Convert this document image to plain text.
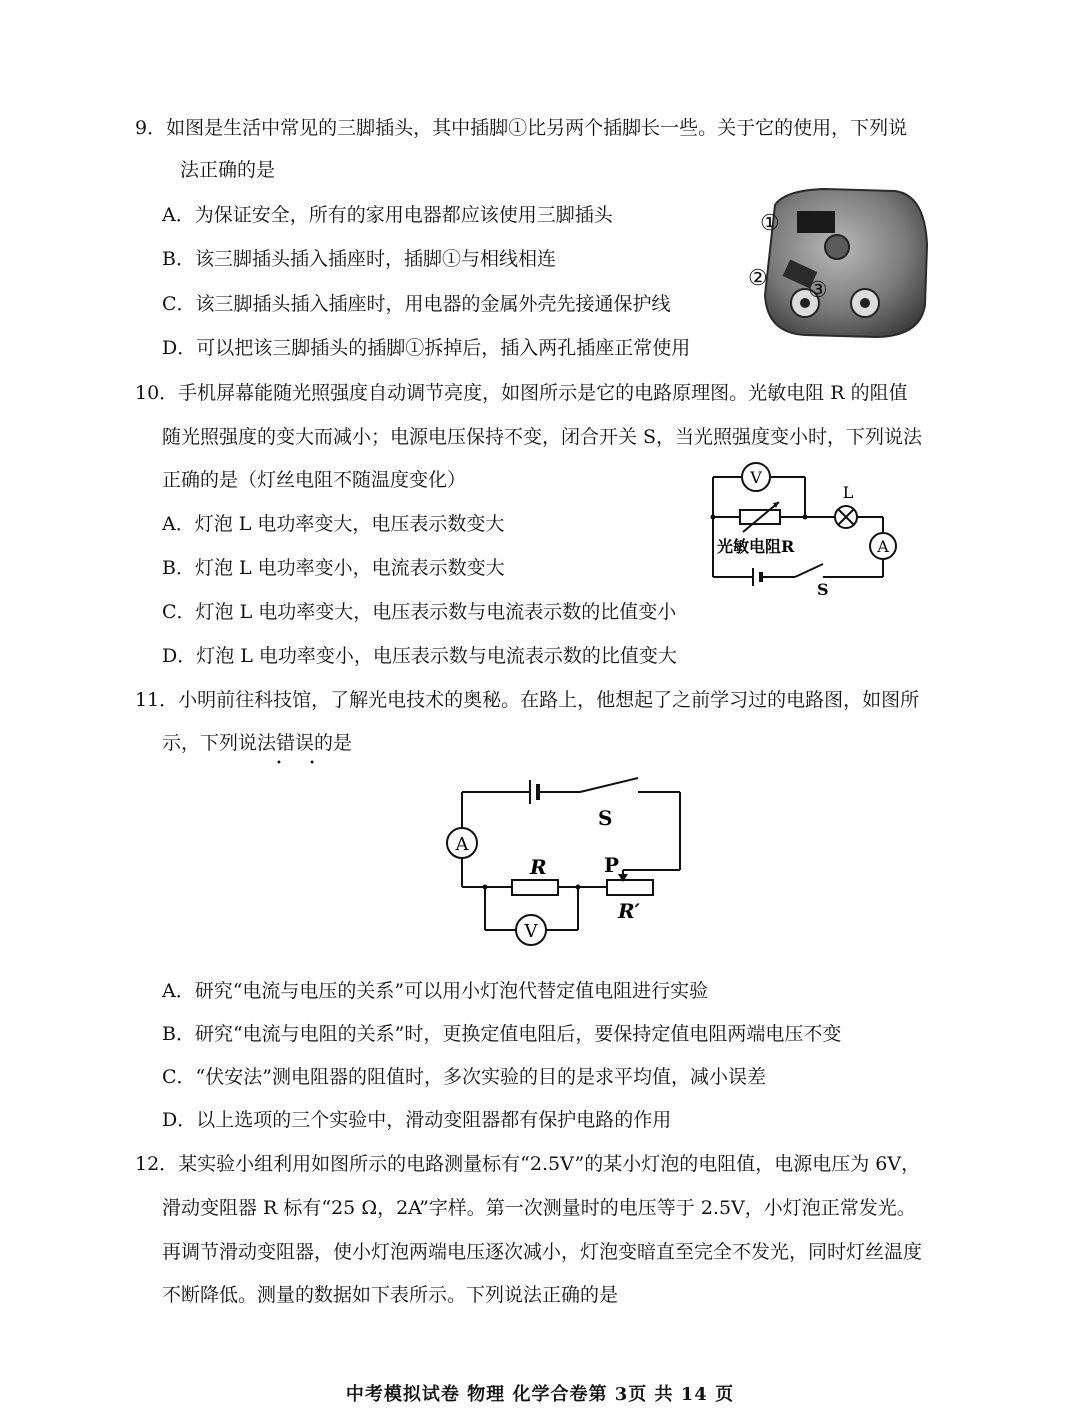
9．如图是生活中常见的三脚插头，其中插脚①比另两个插脚长一些。关于它的使用，下列说
法正确的是
A．为保证安全，所有的家用电器都应该使用三脚插头
B．该三脚插头插入插座时，插脚①与相线相连
C．该三脚插头插入插座时，用电器的金属外壳先接通保护线
D．可以把该三脚插头的插脚①拆掉后，插入两孔插座正常使用
①
② ③
10．手机屏幕能随光照强度自动调节亮度，如图所示是它的电路原理图。光敏电阻 R 的阻值
随光照强度的变大而减小；电源电压保持不变，闭合开关 S，当光照强度变小时，下列说法
正确的是（灯丝电阻不随温度变化）
A．灯泡 L 电功率变大，电压表示数变大
B．灯泡 L 电功率变小，电流表示数变大
C．灯泡 L 电功率变大，电压表示数与电流表示数的比值变小
D．灯泡 L 电功率变小，电压表示数与电流表示数的比值变大
V
L
A
光敏电阻R
S
11．小明前往科技馆，了解光电技术的奥秘。在路上，他想起了之前学习过的电路图，如图所
示，下列说法错误
• •
的是
A
V
S
R	P
R′
A．研究“电流与电压的关系”可以用小灯泡代替定值电阻进行实验
B．研究“电流与电阻的关系”时，更换定值电阻后，要保持定值电阻两端电压不变
C．“伏安法”测电阻器的阻值时，多次实验的目的是求平均值，减小误差
D．以上选项的三个实验中，滑动变阻器都有保护电路的作用
12．某实验小组利用如图所示的电路测量标有“2.5V”的某小灯泡的电阻值，电源电压为 6V，
滑动变阻器 R 标有“25 Ω，2A”字样。第一次测量时的电压等于 2.5V，小灯泡正常发光。
再调节滑动变阻器，使小灯泡两端电压逐次减小，灯泡变暗直至完全不发光，同时灯丝温度
不断降低。测量的数据如下表所示。下列说法正确的是
中考模拟试卷 物理 化学合卷第 3页 共 14 页
